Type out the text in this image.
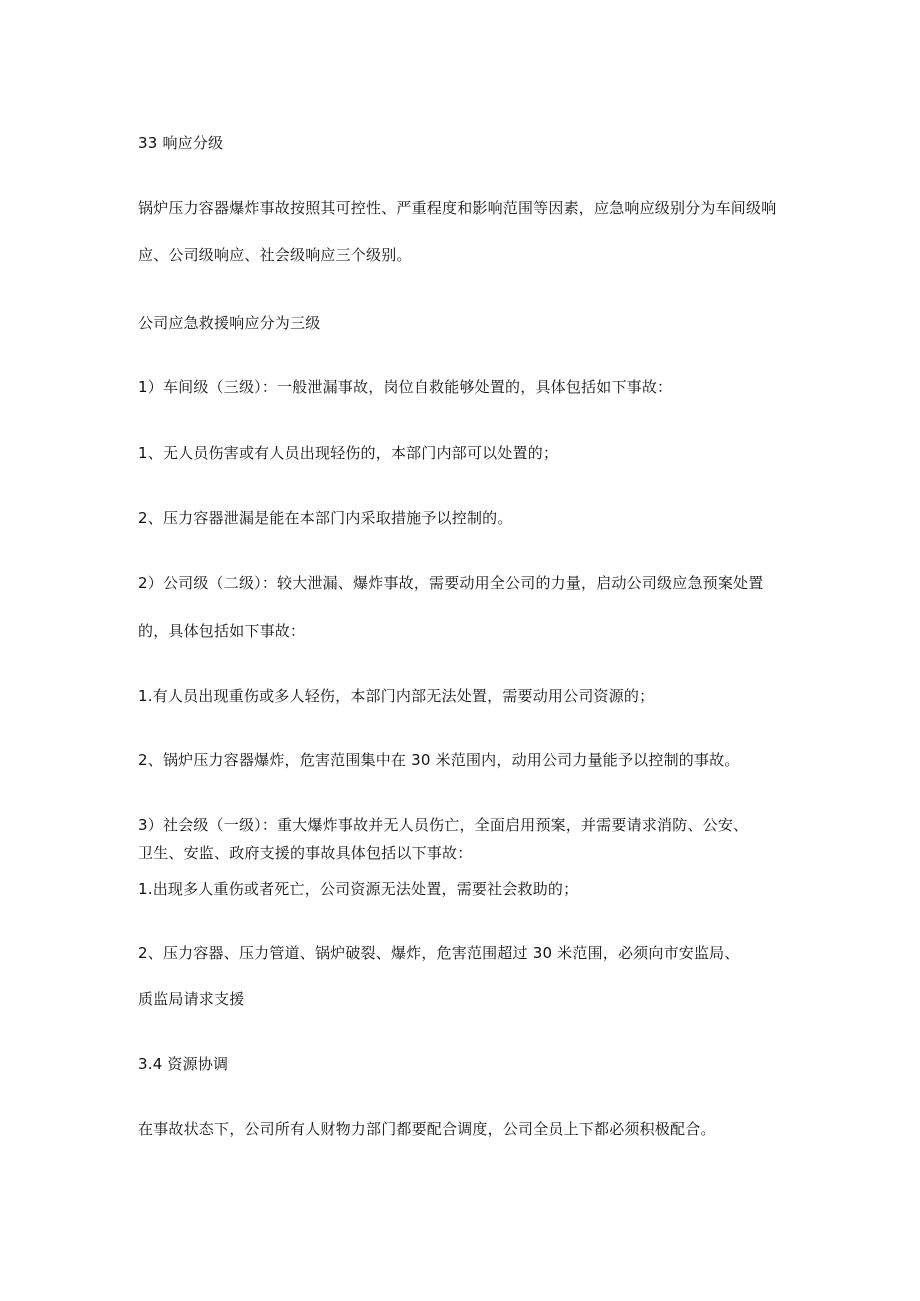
33 响应分级
锅炉压力容器爆炸事故按照其可控性、严重程度和影响范围等因素，应急响应级别分为车间级响
应、公司级响应、社会级响应三个级别。
公司应急救援响应分为三级
1）车间级（三级）：一般泄漏事故，岗位自救能够处置的，具体包括如下事故：
1、无人员伤害或有人员出现轻伤的，本部门内部可以处置的；
2、压力容器泄漏是能在本部门内采取措施予以控制的。
2）公司级（二级）：较大泄漏、爆炸事故，需要动用全公司的力量，启动公司级应急预案处置
的，具体包括如下事故：
1.有人员出现重伤或多人轻伤，本部门内部无法处置，需要动用公司资源的；
2、锅炉压力容器爆炸，危害范围集中在 30 米范围内，动用公司力量能予以控制的事故。
3）社会级（一级）：重大爆炸事故并无人员伤亡，全面启用预案，并需要请求消防、公安、
卫生、安监、政府支援的事故具体包括以下事故：
1.出现多人重伤或者死亡，公司资源无法处置，需要社会救助的；
2、压力容器、压力管道、锅炉破裂、爆炸，危害范围超过 30 米范围，必须向市安监局、
质监局请求支援
3.4 资源协调
在事故状态下，公司所有人财物力部门都要配合调度，公司全员上下都必须积极配合。
